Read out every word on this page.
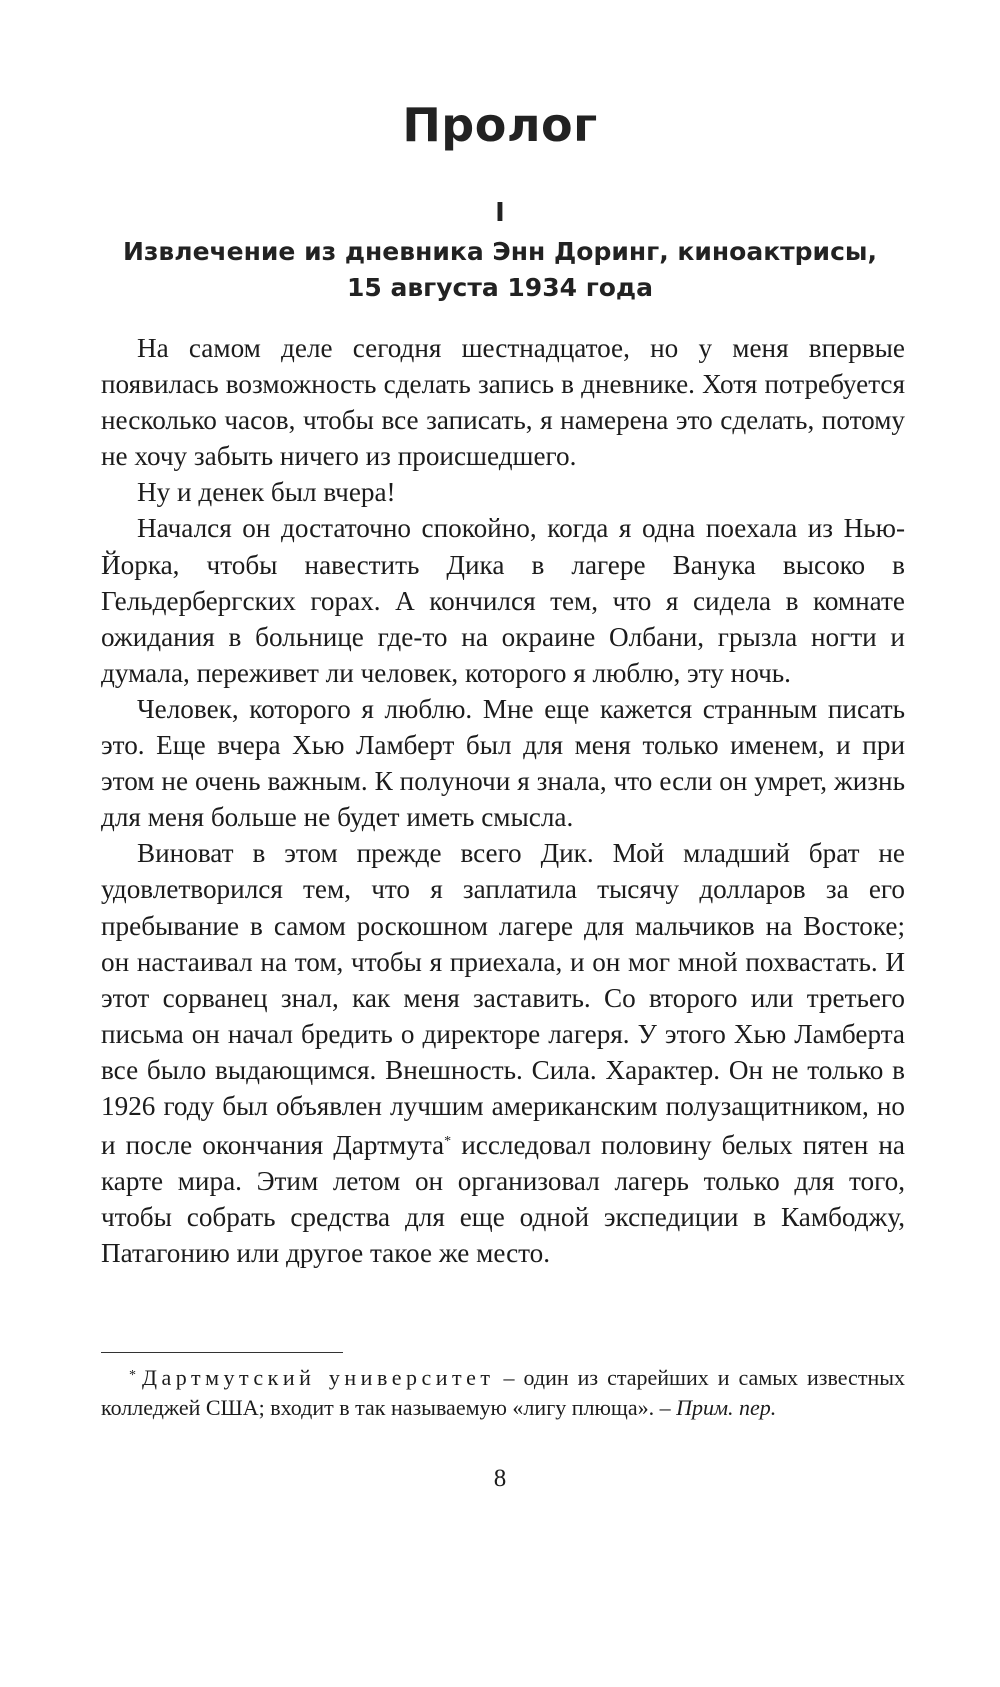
Пролог
I
Извлечение из дневника Энн Доринг, киноактрисы,
15 августа 1934 года

На самом деле сегодня шестнадцатое, но у меня впервые появилась возможность сделать запись в дневнике. Хотя потребуется несколько часов, чтобы все записать, я намерена это сделать, потому не хочу забыть ничего из происшедшего.

Ну и денек был вчера!

Начался он достаточно спокойно, когда я одна поехала из Нью-Йорка, чтобы навестить Дика в лагере Ванука высоко в Гельдербергских горах. А кончился тем, что я сидела в комнате ожидания в больнице где-то на окраине Олбани, грызла ногти и думала, переживет ли человек, которого я люблю, эту ночь.

Человек, которого я люблю. Мне еще кажется странным писать это. Еще вчера Хью Ламберт был для меня только именем, и при этом не очень важным. К полуночи я знала, что если он умрет, жизнь для меня больше не будет иметь смысла.

Виноват в этом прежде всего Дик. Мой младший брат не удовлетворился тем, что я заплатила тысячу долларов за его пребывание в самом роскошном лагере для мальчиков на Востоке; он настаивал на том, чтобы я приехала, и он мог мной похвастать. И этот сорванец знал, как меня заставить. Со второго или третьего письма он начал бредить о директоре лагеря. У этого Хью Ламберта все было выдающимся. Внешность. Сила. Характер. Он не только в 1926 году был объявлен лучшим американским полузащитником, но и после окончания Дартмута* исследовал половину белых пятен на карте мира. Этим летом он организовал лагерь только для того, чтобы собрать средства для еще одной экспедиции в Камбоджу, Патагонию или другое такое же место.

* Дартмутский университет – один из старейших и самых известных колледжей США; входит в так называемую «лигу плюща». – Прим. пер.

8
